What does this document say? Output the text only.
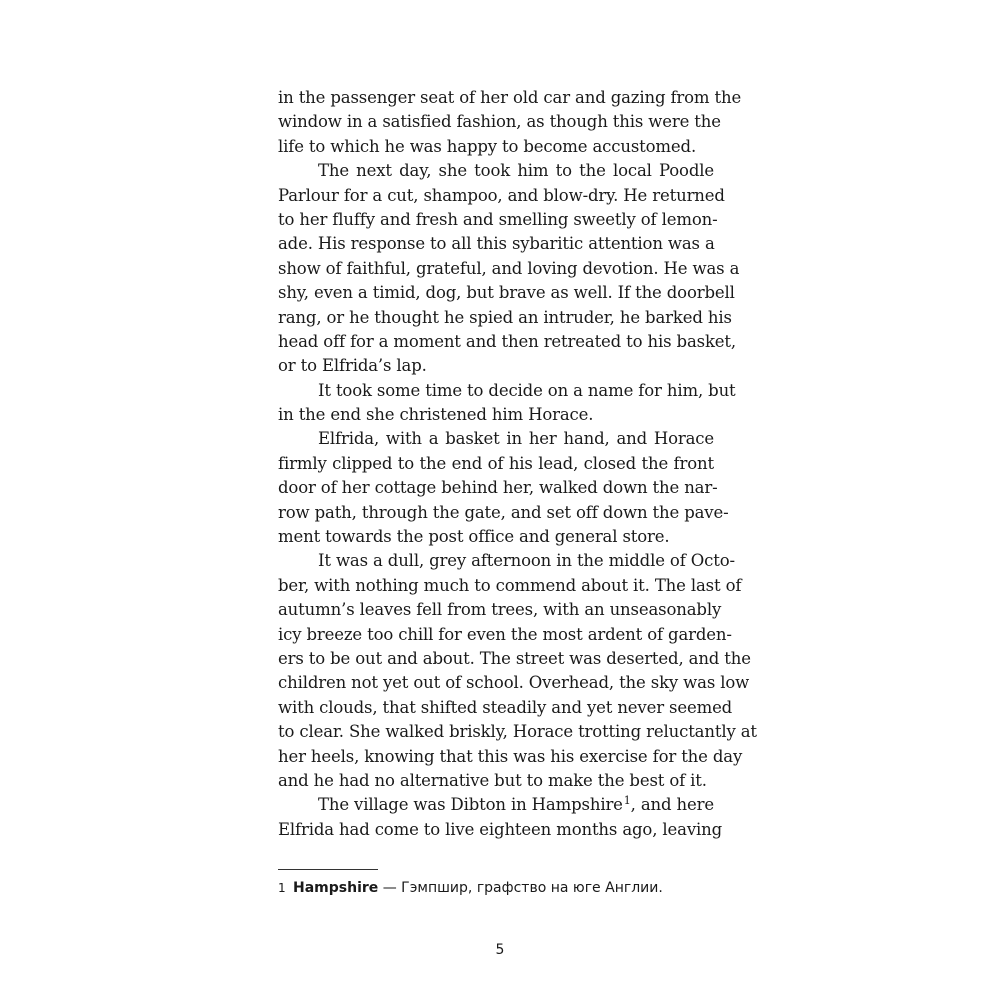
in the passenger seat of her old car and gazing from the
window in a satisfied fashion, as though this were the
life to which he was happy to become accustomed.
The next day, she took him to the local Poodle
Parlour for a cut, shampoo, and blow-dry. He returned
to her fluffy and fresh and smelling sweetly of lemon-
ade. His response to all this sybaritic attention was a
show of faithful, grateful, and loving devotion. He was a
shy, even a timid, dog, but brave as well. If the doorbell
rang, or he thought he spied an intruder, he barked his
head off for a moment and then retreated to his basket,
or to Elfrida’s lap.
It took some time to decide on a name for him, but
in the end she christened him Horace.
Elfrida, with a basket in her hand, and Horace
firmly clipped to the end of his lead, closed the front
door of her cottage behind her, walked down the nar-
row path, through the gate, and set off down the pave-
ment towards the post office and general store.
It was a dull, grey afternoon in the middle of Octo-
ber, with nothing much to commend about it. The last of
autumn’s leaves fell from trees, with an unseasonably
icy breeze too chill for even the most ardent of garden-
ers to be out and about. The street was deserted, and the
children not yet out of school. Overhead, the sky was low
with clouds, that shifted steadily and yet never seemed
to clear. She walked briskly, Horace trotting reluctantly at
her heels, knowing that this was his exercise for the day
and he had no alternative but to make the best of it.
The village was Dibton in Hampshire$^1$, and here
Elfrida had come to live eighteen months ago, leaving
1 Hampshire — Гэмпшир, графство на юге Англии.
5
